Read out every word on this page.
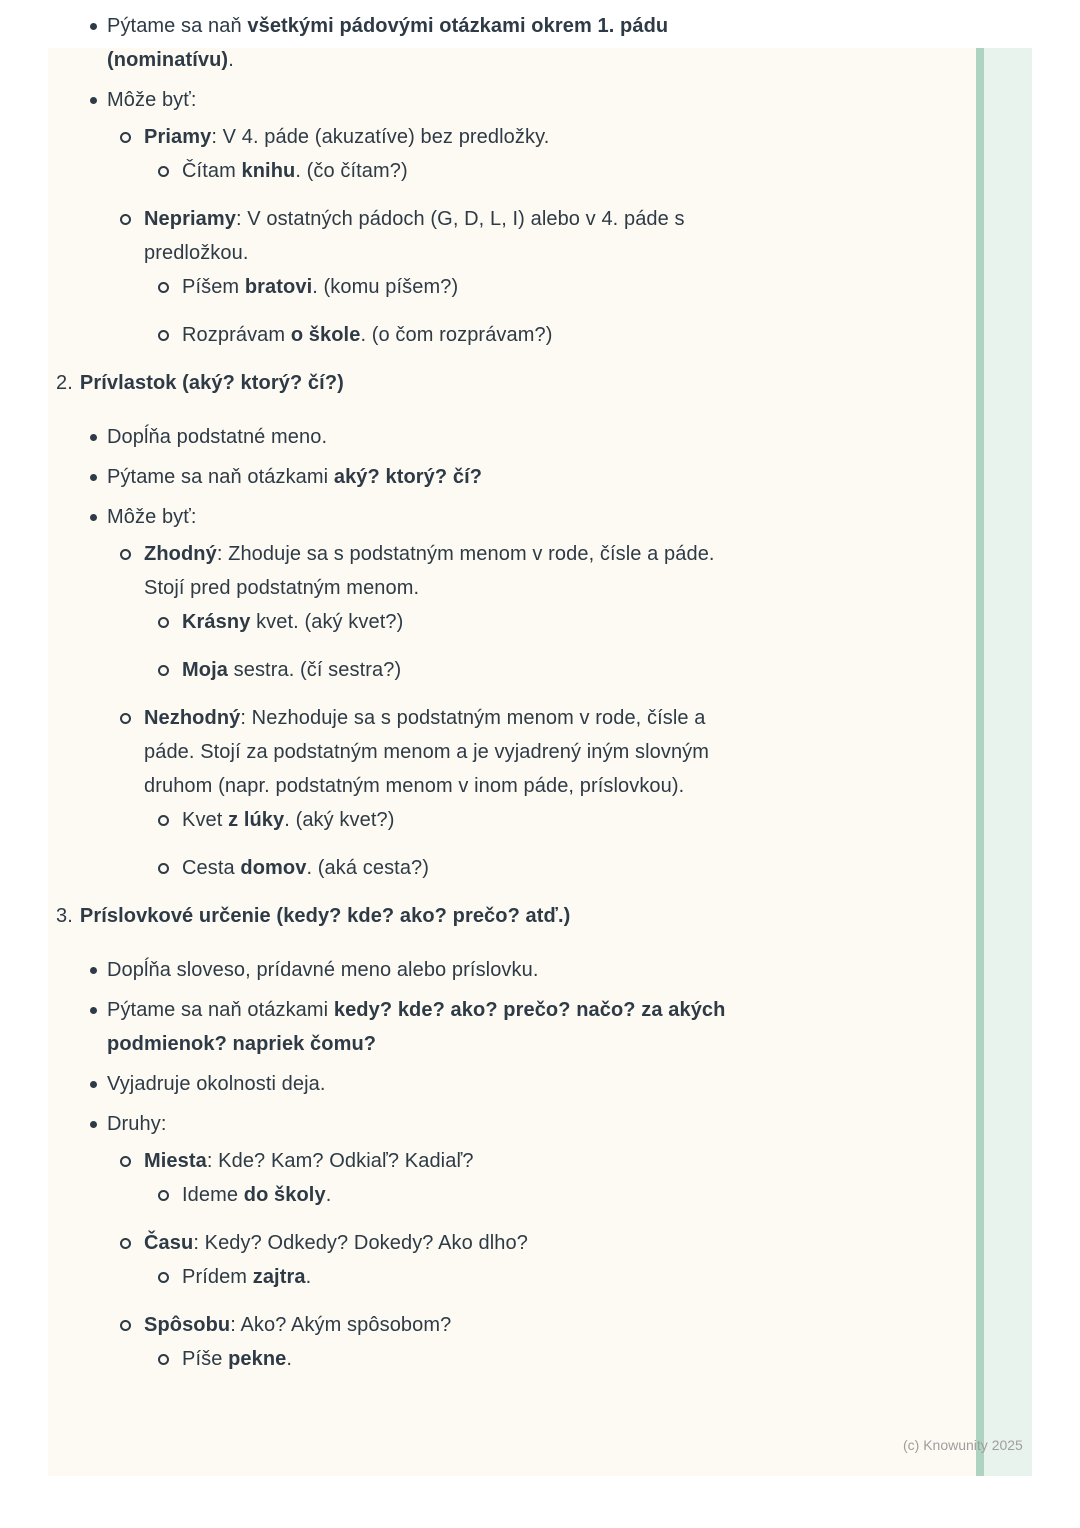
Pýtame sa naň všetkými pádovými otázkami okrem 1. pádu
(nominatívu).
Môže byť:
Priamy: V 4. páde (akuzatíve) bez predložky.
Čítam knihu. (čo čítam?)
Nepriamy: V ostatných pádoch (G, D, L, I) alebo v 4. páde s
predložkou.
Píšem bratovi. (komu píšem?)
Rozprávam o škole. (o čom rozprávam?)
2. Prívlastok (aký? ktorý? čí?)
Dopĺňa podstatné meno.
Pýtame sa naň otázkami aký? ktorý? čí?
Môže byť:
Zhodný: Zhoduje sa s podstatným menom v rode, čísle a páde.
Stojí pred podstatným menom.
Krásny kvet. (aký kvet?)
Moja sestra. (čí sestra?)
Nezhodný: Nezhoduje sa s podstatným menom v rode, čísle a
páde. Stojí za podstatným menom a je vyjadrený iným slovným
druhom (napr. podstatným menom v inom páde, príslovkou).
Kvet z lúky. (aký kvet?)
Cesta domov. (aká cesta?)
3. Príslovkové určenie (kedy? kde? ako? prečo? atď.)
Dopĺňa sloveso, prídavné meno alebo príslovku.
Pýtame sa naň otázkami kedy? kde? ako? prečo? načo? za akých
podmienok? napriek čomu?
Vyjadruje okolnosti deja.
Druhy:
Miesta: Kde? Kam? Odkiaľ? Kadiaľ?
Ideme do školy.
Času: Kedy? Odkedy? Dokedy? Ako dlho?
Prídem zajtra.
Spôsobu: Ako? Akým spôsobom?
Píše pekne.
(c) Knowunity 2025
